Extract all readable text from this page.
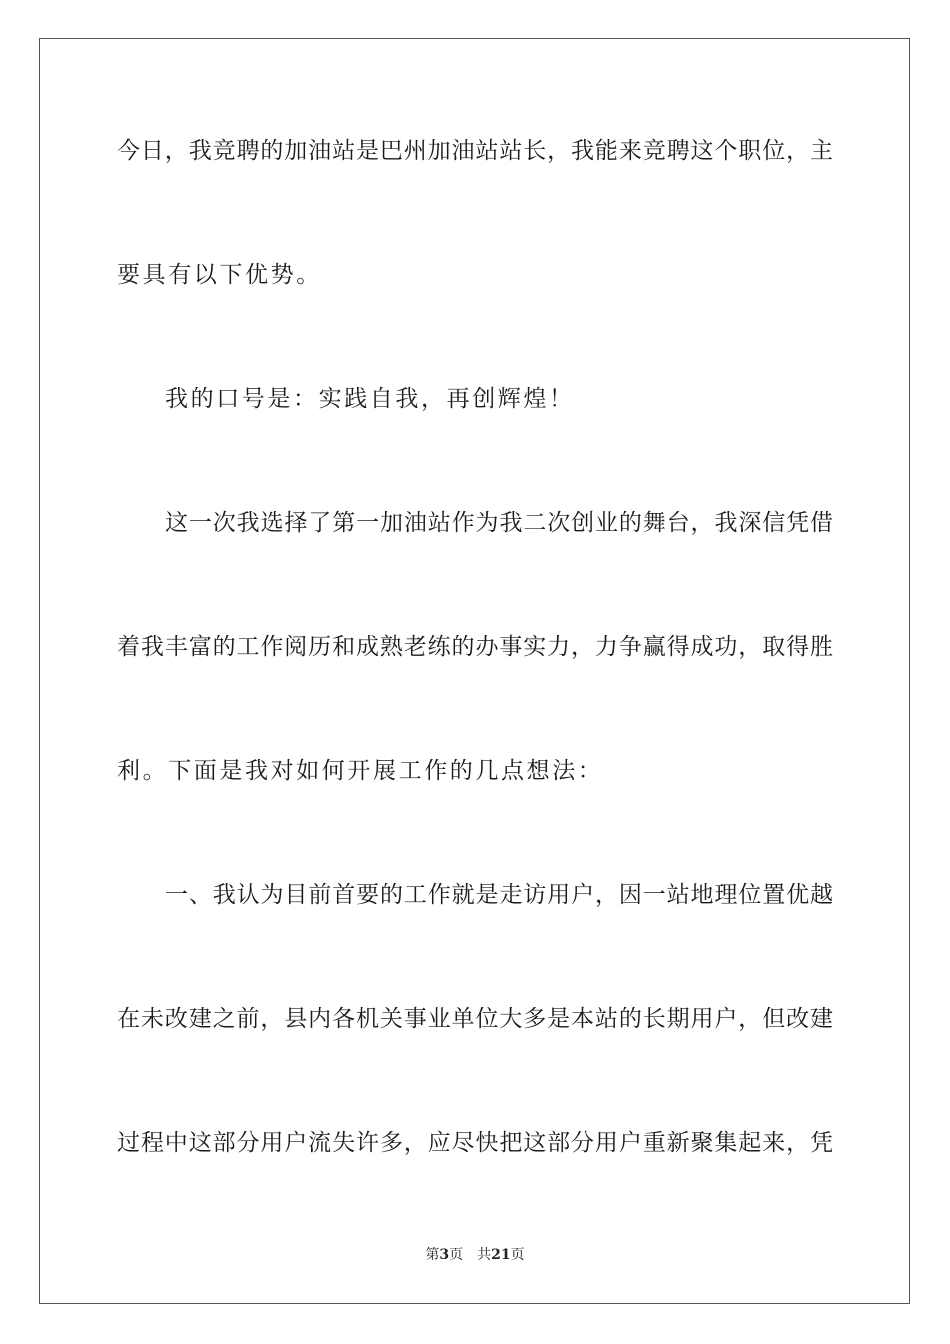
今日，我竞聘的加油站是巴州加油站站长，我能来竞聘这个职位，主
要具有以下优势。
我的口号是：实践自我，再创辉煌！
这一次我选择了第一加油站作为我二次创业的舞台，我深信凭借
着我丰富的工作阅历和成熟老练的办事实力，力争赢得成功，取得胜
利。下面是我对如何开展工作的几点想法：
一、我认为目前首要的工作就是走访用户，因一站地理位置优越
在未改建之前，县内各机关事业单位大多是本站的长期用户，但改建
过程中这部分用户流失许多，应尽快把这部分用户重新聚集起来，凭
第3页 共21页
